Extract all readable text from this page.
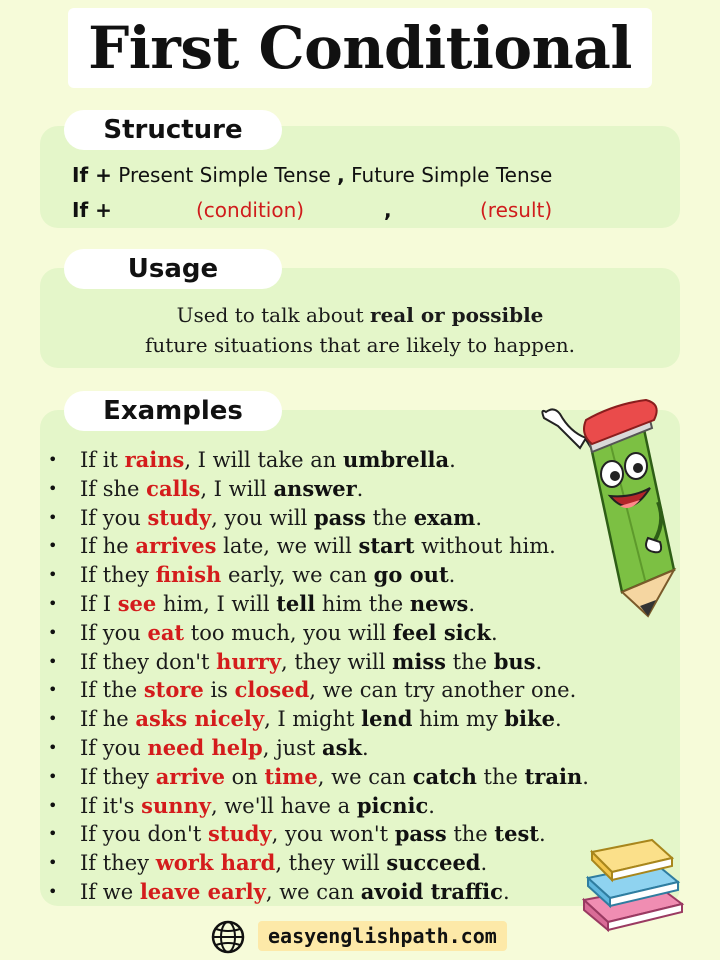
First Conditional
Structure
If + Present Simple Tense , Future Simple Tense
If +	(condition)	,	(result)
Usage
Used to talk about real or possible
future situations that are likely to happen.
Examples
• If it rains, I will take an umbrella.
• If she calls, I will answer.
• If you study, you will pass the exam.
• If he arrives late, we will start without him.
• If they finish early, we can go out.
• If I see him, I will tell him the news.
• If you eat too much, you will feel sick.
• If they don't hurry, they will miss the bus.
• If the store is closed, we can try another one.
• If he asks nicely, I might lend him my bike.
• If you need help, just ask.
• If they arrive on time, we can catch the train.
• If it's sunny, we'll have a picnic.
• If you don't study, you won't pass the test.
• If they work hard, they will succeed.
• If we leave early, we can avoid traffic.
easyenglishpath.com
